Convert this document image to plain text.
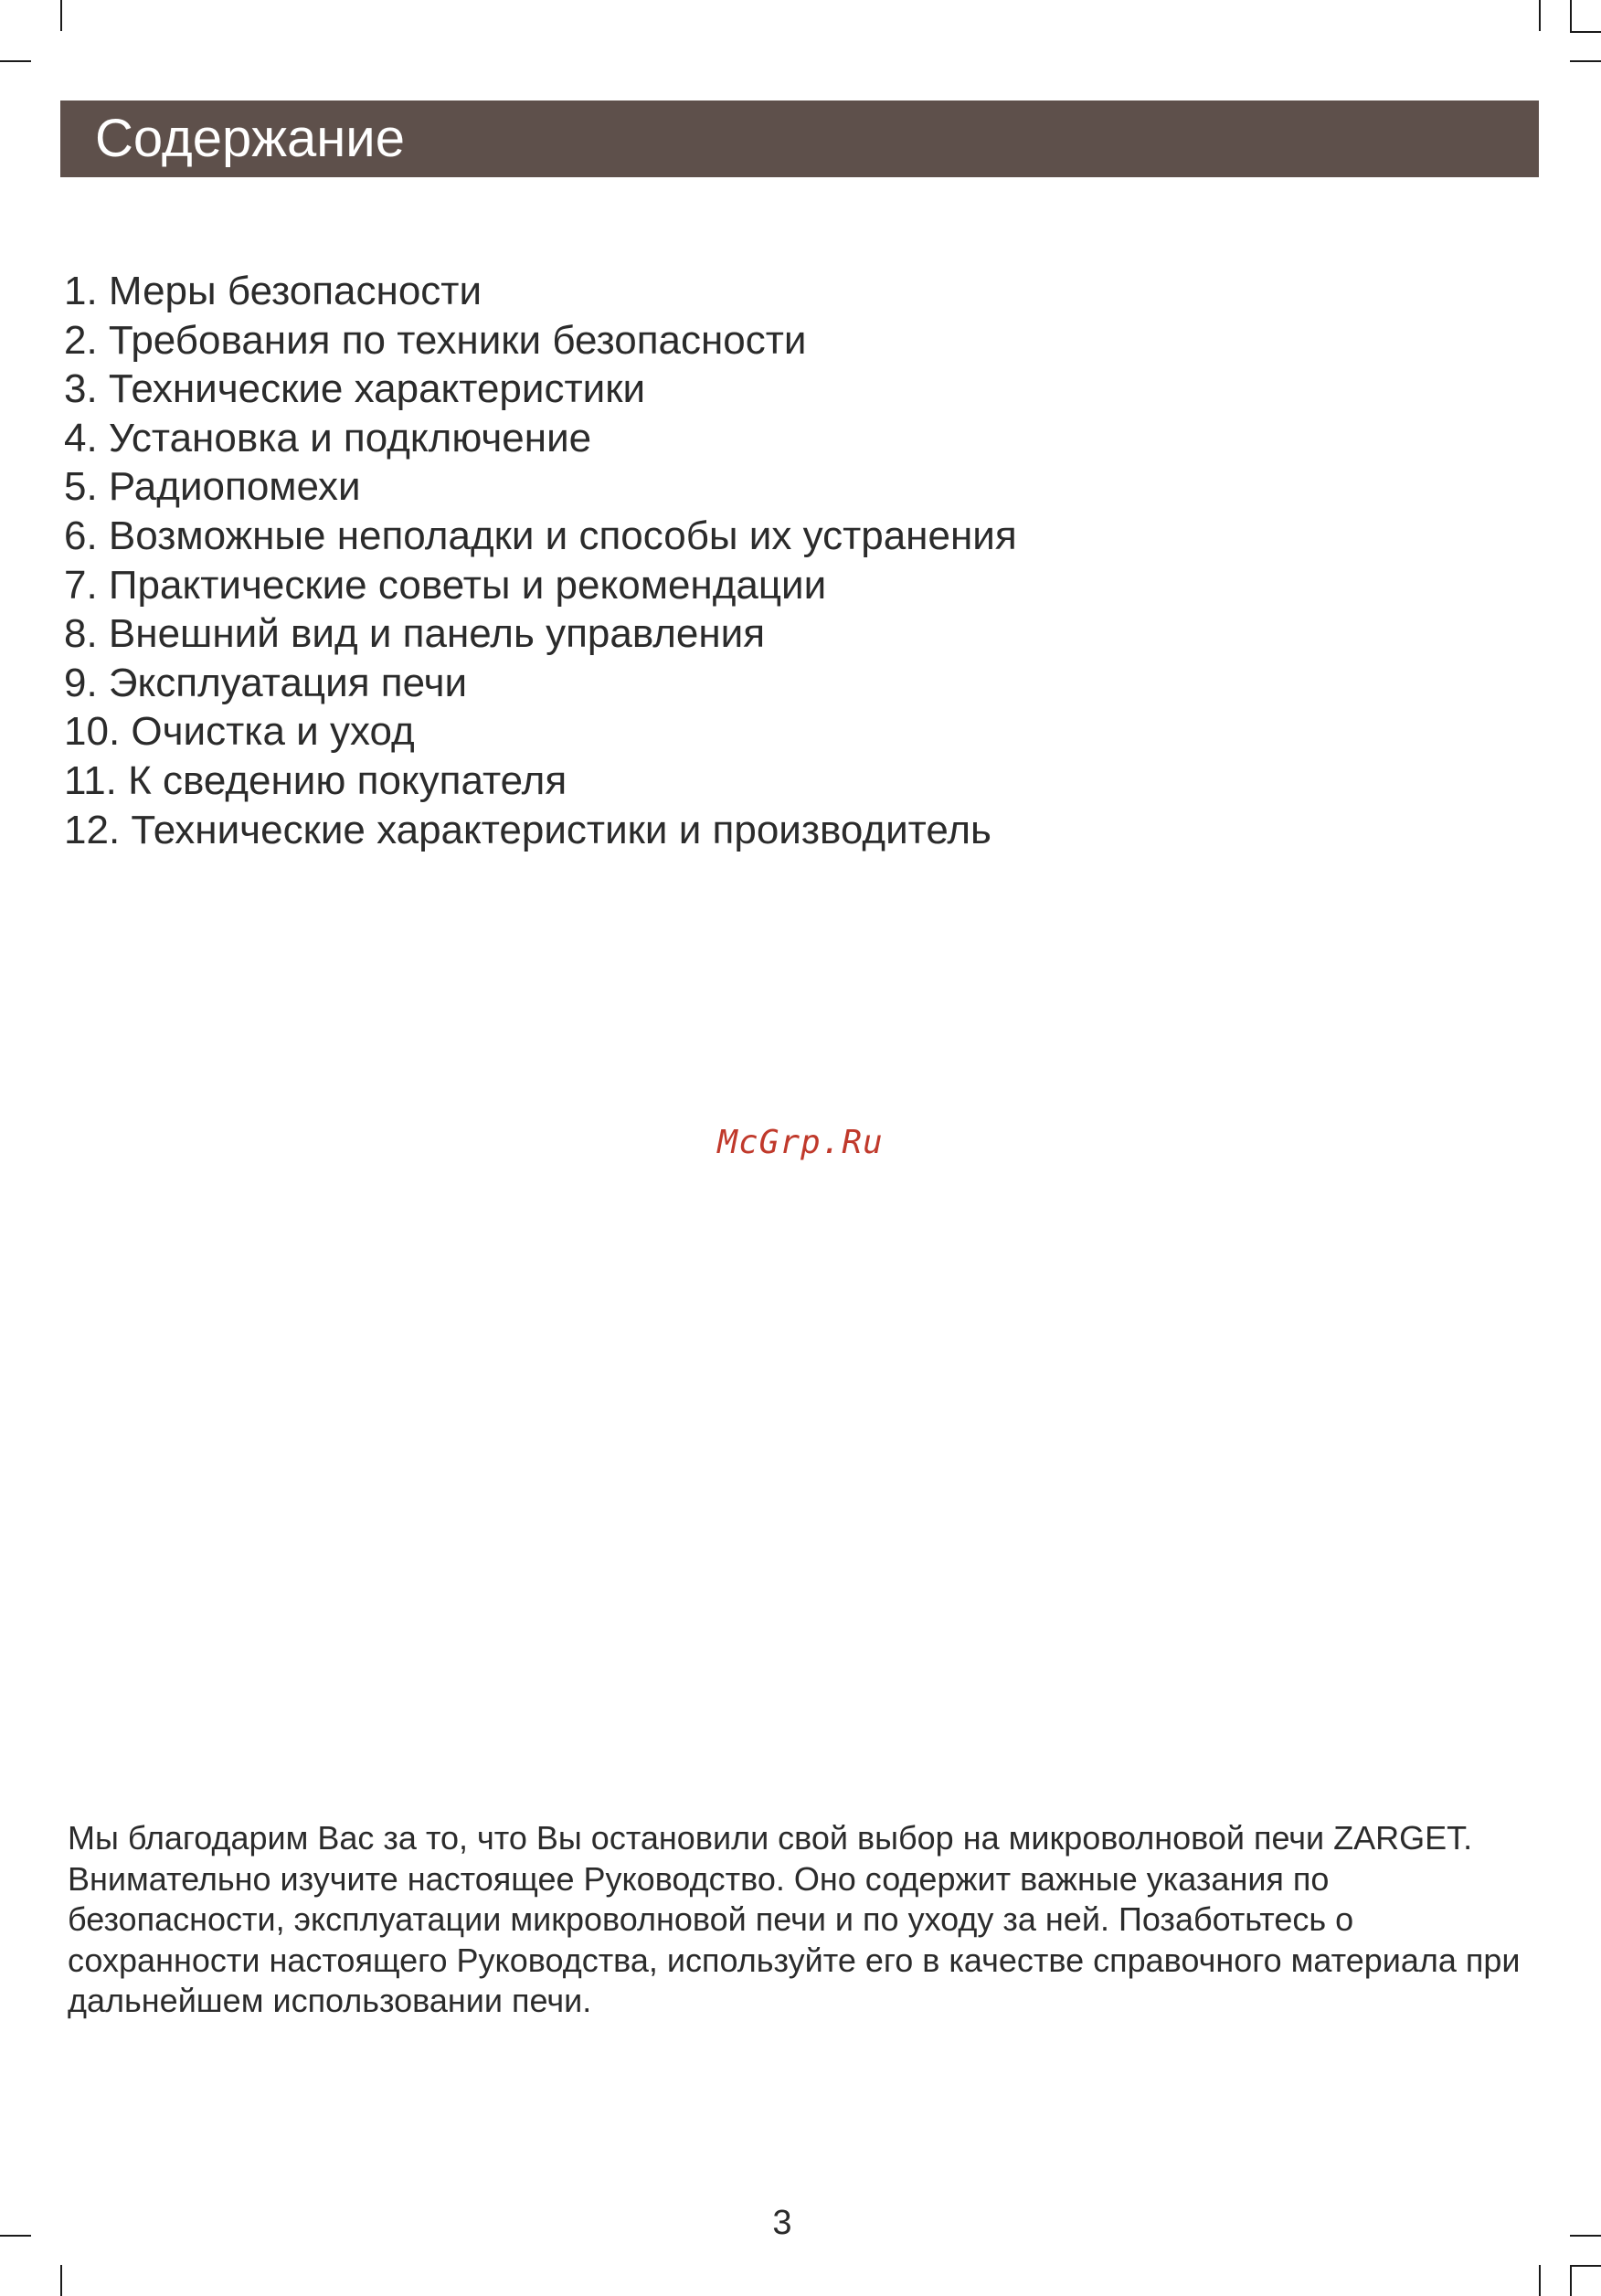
Содержание
1. Меры безопасности
2. Требования по техники безопасности
3. Технические характеристики
4. Установка и подключение
5. Радиопомехи
6. Возможные неполадки и способы их устранения
7. Практические советы и рекомендации
8. Внешний вид и панель управления
9. Эксплуатация печи
10. Очистка и уход
11. К сведению покупателя
12. Технические характеристики и производитель
McGrp.Ru

Мы благодарим Вас за то, что Вы остановили свой выбор на микроволновой печи ZARGET.

Внимательно изучите настоящее Руководство. Оно содержит важные указания по безопасности, эксплуатации микроволновой печи и по уходу за ней. Позаботьтесь о сохранности настоящего Руководства, используйте его в качестве справочного материала при дальнейшем использовании печи.

3
